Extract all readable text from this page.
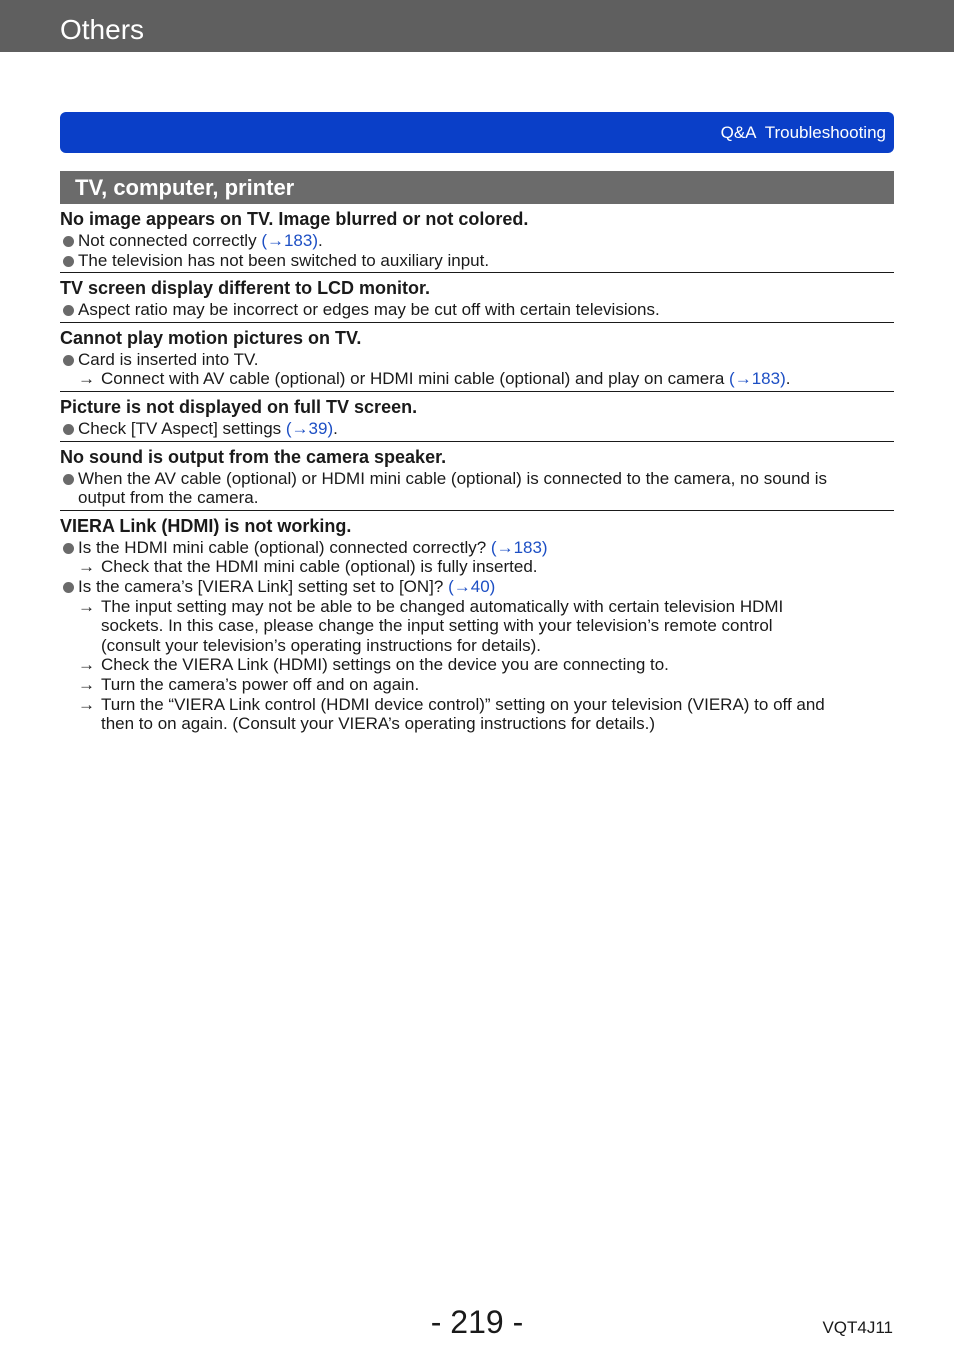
Others
Q&A  Troubleshooting
TV, computer, printer
No image appears on TV. Image blurred or not colored.
Not connected correctly (→183).
The television has not been switched to auxiliary input.
TV screen display different to LCD monitor.
Aspect ratio may be incorrect or edges may be cut off with certain televisions.
Cannot play motion pictures on TV.
Card is inserted into TV.
→ Connect with AV cable (optional) or HDMI mini cable (optional) and play on camera (→183).
Picture is not displayed on full TV screen.
Check [TV Aspect] settings (→39).
No sound is output from the camera speaker.
When the AV cable (optional) or HDMI mini cable (optional) is connected to the camera, no sound is
output from the camera.
VIERA Link (HDMI) is not working.
Is the HDMI mini cable (optional) connected correctly? (→183)
→ Check that the HDMI mini cable (optional) is fully inserted.
Is the camera’s [VIERA Link] setting set to [ON]? (→40)
→ The input setting may not be able to be changed automatically with certain television HDMI
sockets. In this case, please change the input setting with your television’s remote control
(consult your television’s operating instructions for details).
→ Check the VIERA Link (HDMI) settings on the device you are connecting to.
→ Turn the camera’s power off and on again.
→ Turn the “VIERA Link control (HDMI device control)” setting on your television (VIERA) to off and
then to on again. (Consult your VIERA’s operating instructions for details.)
- 219 -	VQT4J11
